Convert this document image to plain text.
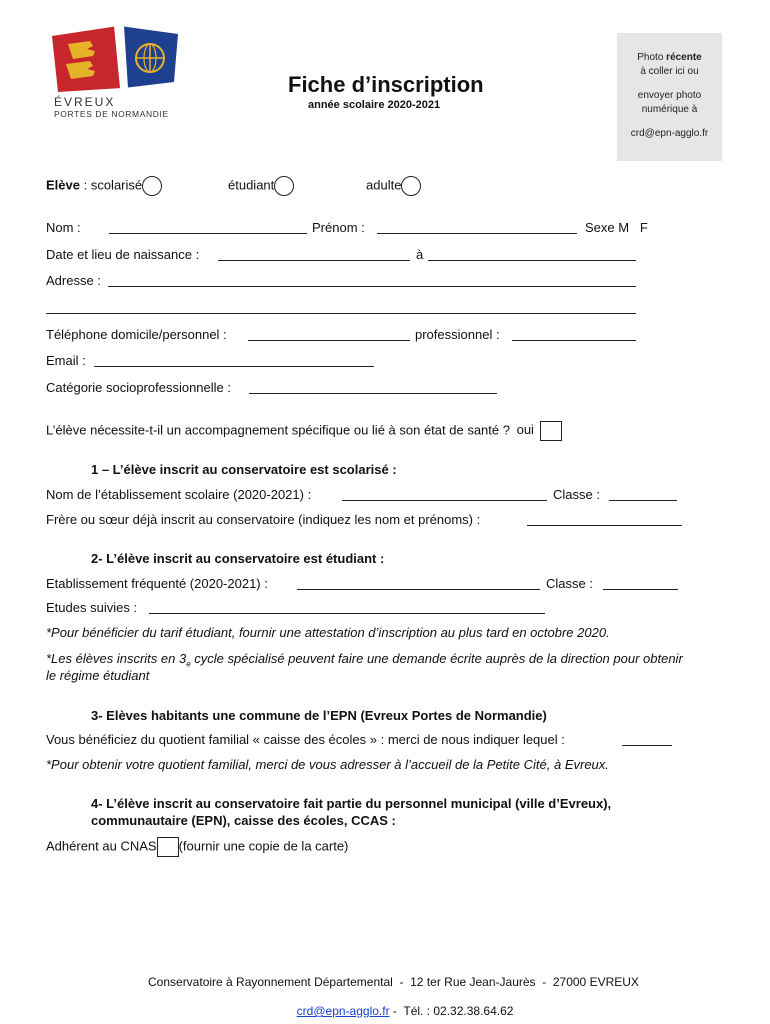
ÉVREUX
PORTES DE NORMANDIE
Fiche d’inscription
année scolaire 2020-2021
Photo récente
à coller ici ou
envoyer photo
numérique à
crd@epn-agglo.fr
Elève : scolarisé	étudiant	adulte
Nom :	Prénom :	Sexe M   F
Date et lieu de naissance :	à
Adresse :
Téléphone domicile/personnel :	professionnel :
Email :
Catégorie socioprofessionnelle :
L’élève nécessite-t-il un accompagnement spécifique ou lié à son état de santé ? oui
1 – L’élève inscrit au conservatoire est scolarisé :
Nom de l’établissement scolaire (2020-2021) :	Classe :
Frère ou sœur déjà inscrit au conservatoire (indiquez les nom et prénoms) :
2- L’élève inscrit au conservatoire est étudiant :
Etablissement fréquenté (2020-2021) :	Classe :
Etudes suivies :
*Pour bénéficier du tarif étudiant, fournir une attestation d’inscription au plus tard en octobre 2020.
*Les élèves inscrits en $3_e$ cycle spécialisé peuvent faire une demande écrite auprès de la direction pour obtenir
le régime étudiant
3- Elèves habitants une commune de l’EPN (Evreux Portes de Normandie)
Vous bénéficiez du quotient familial « caisse des écoles » : merci de nous indiquer lequel :
*Pour obtenir votre quotient familial, merci de vous adresser à l’accueil de la Petite Cité, à Evreux.
4- L’élève inscrit au conservatoire fait partie du personnel municipal (ville d’Evreux),
communautaire (EPN), caisse des écoles, CCAS :
Adhérent au CNAS (fournir une copie de la carte)
Conservatoire à Rayonnement Départemental  -  12 ter Rue Jean-Jaurès  -  27000 EVREUX

crd@epn-agglo.fr -  Tél. : 02.32.38.64.62
